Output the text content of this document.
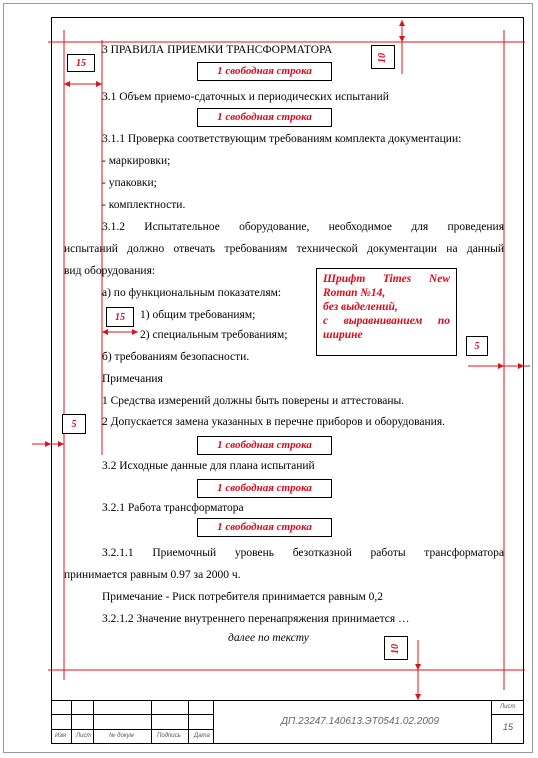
3 ПРАВИЛА ПРИЕМКИ ТРАНСФОРМАТОРА
3.1 Объем приемо-сдаточных и периодических испытаний
3.1.1 Проверка соответствующим требованиям комплекта документации:
- маркировки;
- упаковки;
- комплектности.
3.1.2 Испытательное оборудование, необходимое для проведения
испытаний должно отвечать требованиям технической документации на данный
вид оборудования:
а) по функциональным показателям:
1) общим требованиям;
2) специальным требованиям;
б) требованиям безопасности.
Примечания
1 Средства измерений должны быть поверены и аттестованы.
2 Допускается замена указанных в перечне приборов и оборудования.
3.2 Исходные данные для плана испытаний
3.2.1 Работа трансформатора
3.2.1.1 Приемочный уровень безотказной работы трансформатора
принимается равным 0.97 за 2000 ч.
Примечание - Риск потребителя принимается равным 0,2
3.2.1.2 Значение внутреннего перенапряжения принимается …
далее по тексту
1 свободная строка
1 свободная строка
1 свободная строка
1 свободная строка
1 свободная строка
Шрифт Times New
Roman №14,
без выделений,
с выравниванием по
ширине
10
15
15
5
5
10
Изм Лист	№ докум	Подпись Дата
ДП.23247.140613.ЭТ0541.02.2009
Лист
15
